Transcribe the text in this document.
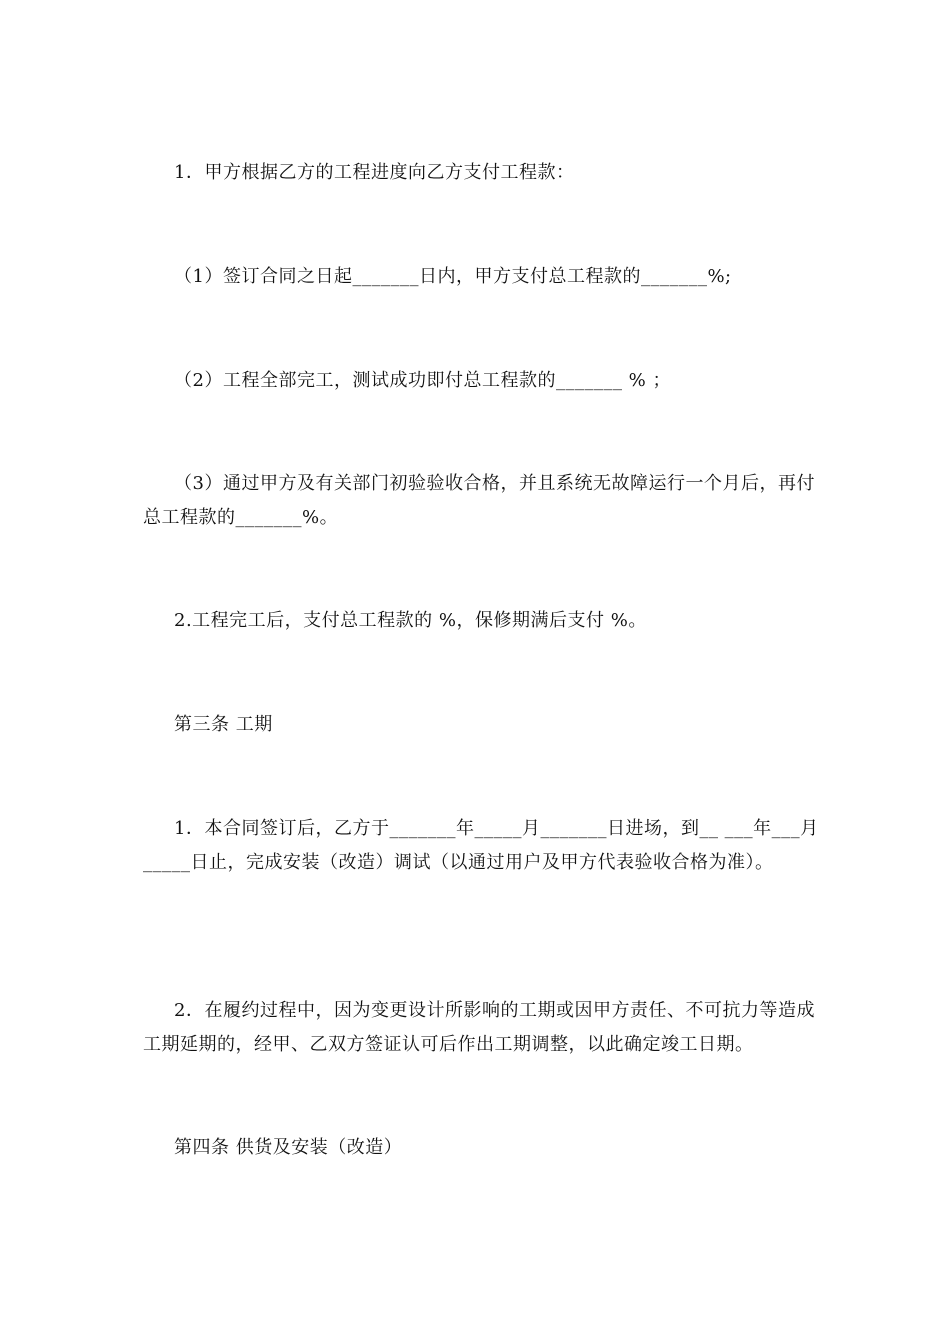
1．甲方根据乙方的工程进度向乙方支付工程款：

（1）签订合同之日起_______日内，甲方支付总工程款的_______%;

（2）工程全部完工，测试成功即付总工程款的_______ % ；

（3）通过甲方及有关部门初验验收合格，并且系统无故障运行一个月后，再付总工程款的_______%。

2.工程完工后，支付总工程款的 %，保修期满后支付 %。

第三条 工期

1．本合同签订后，乙方于_______年_____月_______日进场，到__ ___年___月_____日止，完成安装（改造）调试（以通过用户及甲方代表验收合格为准）。

2．在履约过程中，因为变更设计所影响的工期或因甲方责任、不可抗力等造成工期延期的，经甲、乙双方签证认可后作出工期调整，以此确定竣工日期。

第四条 供货及安装（改造）
